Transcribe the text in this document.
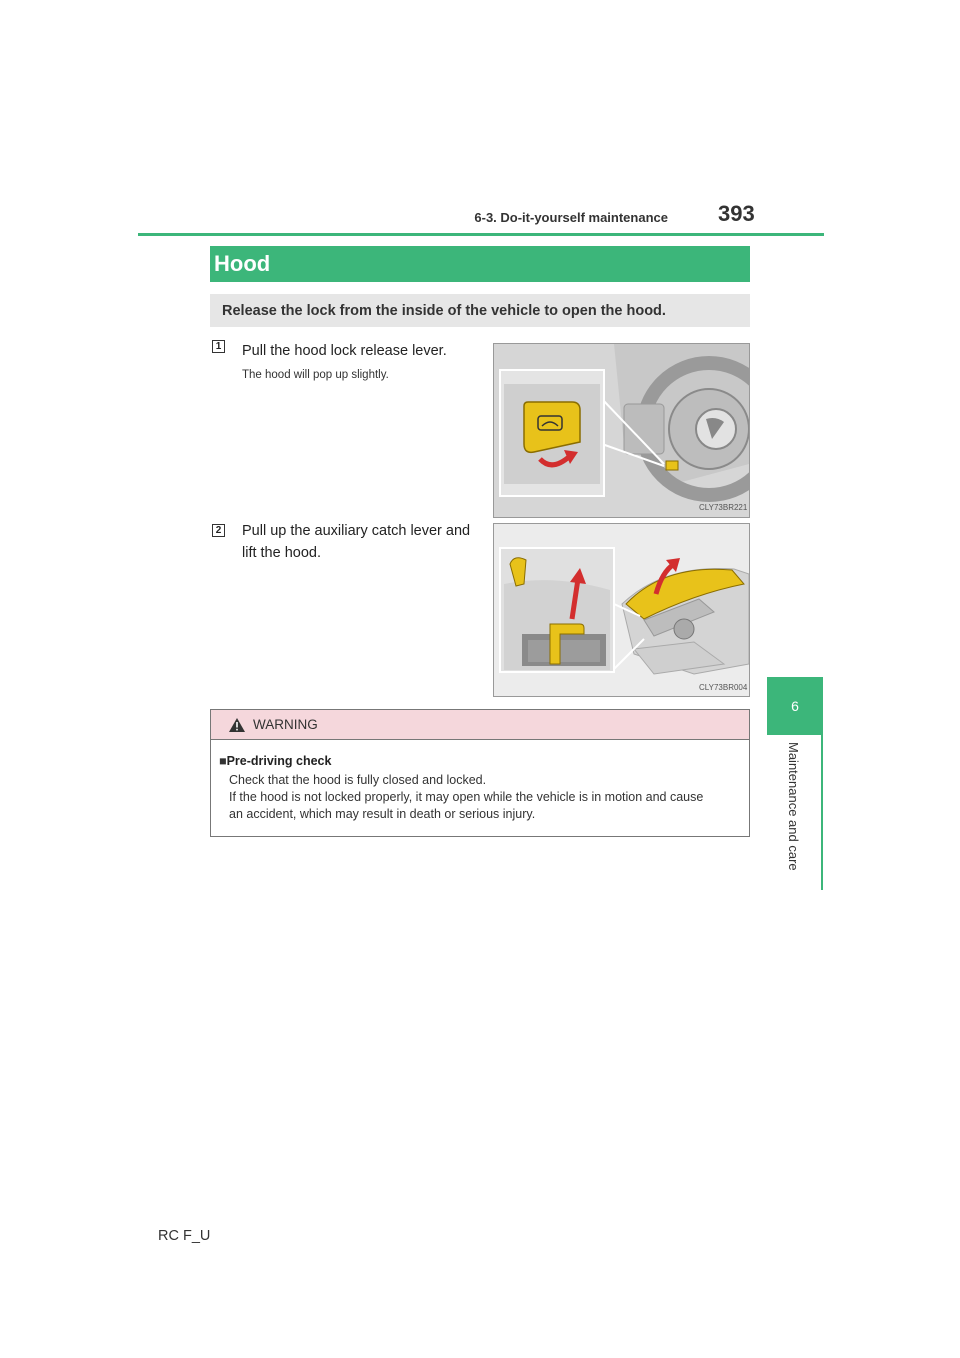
6-3. Do-it-yourself maintenance 393
6
Maintenance and care
Hood
Release the lock from the inside of the vehicle to open the hood.
1 Pull the hood lock release lever.
The hood will pop up slightly.
CLY73BR221
2 Pull up the auxiliary catch lever and
lift the hood.
CLY73BR004
WARNING
■Pre-driving check
Check that the hood is fully closed and locked.
If the hood is not locked properly, it may open while the vehicle is in motion and cause
an accident, which may result in death or serious injury.
RC F_U
